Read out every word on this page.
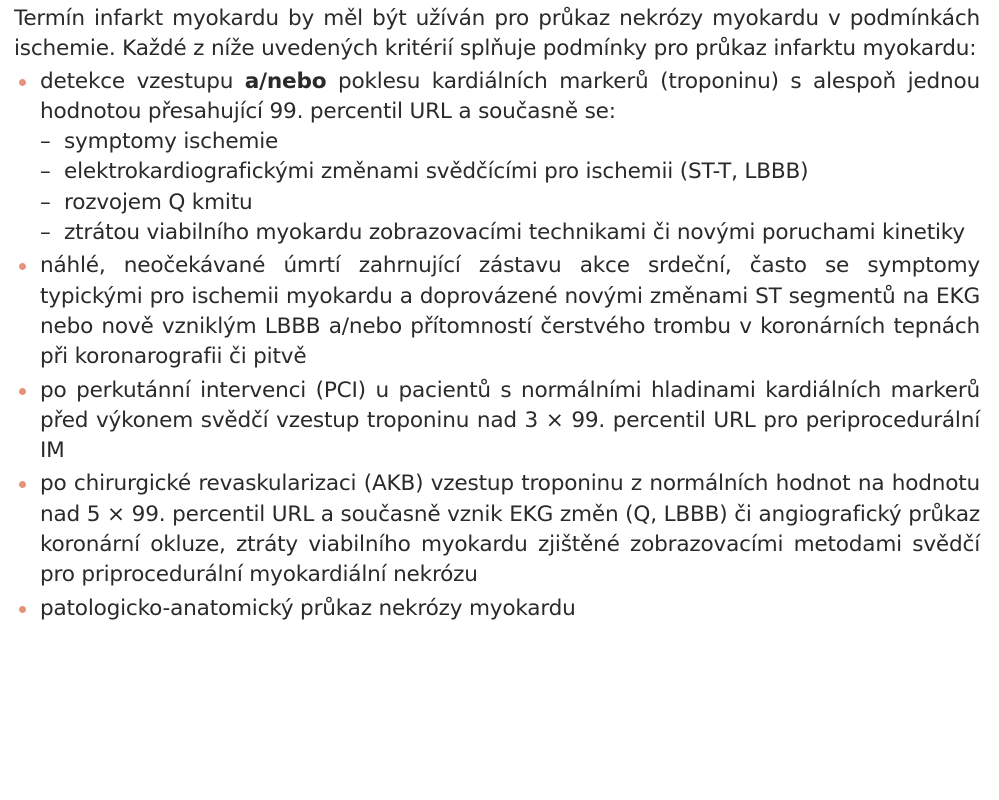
Termín infarkt myokardu by měl být užíván pro průkaz nekrózy myokardu v podmínkách ischemie. Každé z níže uvedených kritérií splňuje podmínky pro průkaz infarktu myokardu:

detekce vzestupu a/nebo poklesu kardiálních markerů (troponinu) s alespoň jednou hodnotou přesahující 99. percentil URL a současně se:
– symptomy ischemie
– elektrokardiografickými změnami svědčícími pro ischemii (ST-T, LBBB)
– rozvojem Q kmitu
– ztrátou viabilního myokardu zobrazovacími technikami či novými poruchami kinetiky
náhlé, neočekávané úmrtí zahrnující zástavu akce srdeční, často se symptomy typickými pro ischemii myokardu a doprovázené novými změnami ST segmentů na EKG nebo nově vzniklým LBBB a/nebo přítomností čerstvého trombu v koronárních tepnách při koronarografii či pitvě
po perkutánní intervenci (PCI) u pacientů s normálními hladinami kardiálních markerů před výkonem svědčí vzestup troponinu nad 3 × 99. percentil URL pro periprocedurální IM
po chirurgické revaskularizaci (AKB) vzestup troponinu z normálních hodnot na hodnotu nad 5 × 99. percentil URL a současně vznik EKG změn (Q, LBBB) či angiografický průkaz koronární okluze, ztráty viabilního myokardu zjištěné zobrazovacími metodami svědčí pro priprocedurální myokardiální nekrózu
patologicko-anatomický průkaz nekrózy myokardu
